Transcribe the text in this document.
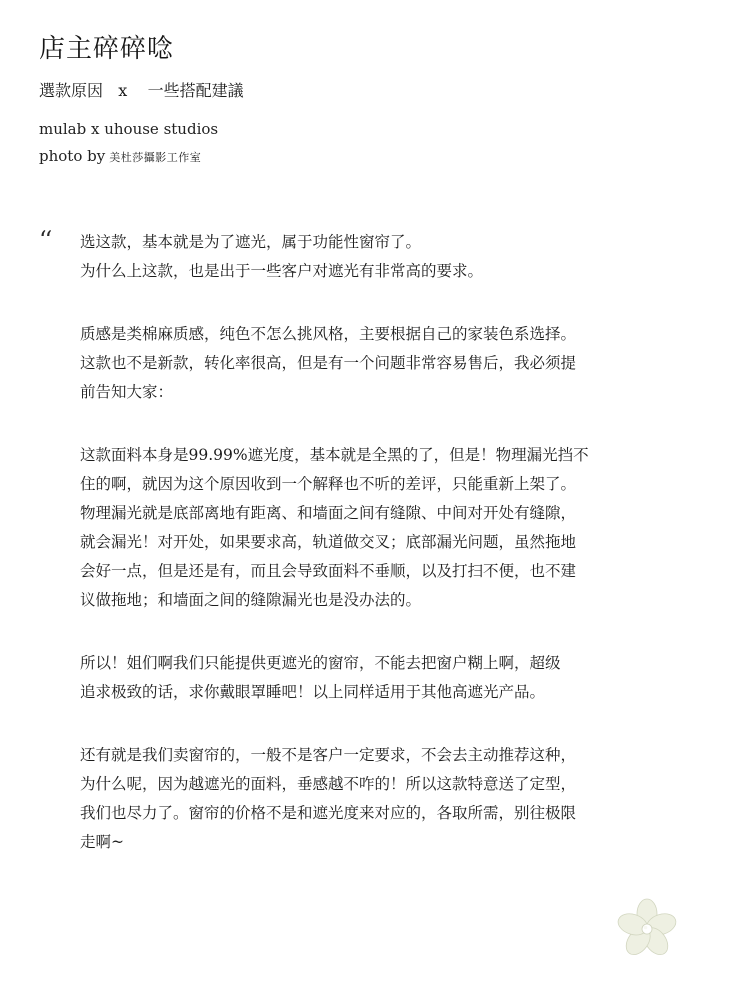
店主碎碎唸
選款原因   x    一些搭配建議
mulab x uhouse studios
photo by 美杜莎攝影工作室
‘‘ 选这款，基本就是为了遮光，属于功能性窗帘了。
为什么上这款，也是出于一些客户对遮光有非常高的要求。
质感是类棉麻质感，纯色不怎么挑风格，主要根据自己的家装色系选择。
这款也不是新款，转化率很高，但是有一个问题非常容易售后，我必须提
前告知大家：
这款面料本身是99.99%遮光度，基本就是全黑的了，但是！物理漏光挡不
住的啊，就因为这个原因收到一个解释也不听的差评，只能重新上架了。
物理漏光就是底部离地有距离、和墙面之间有缝隙、中间对开处有缝隙，
就会漏光！对开处，如果要求高，轨道做交叉；底部漏光问题，虽然拖地
会好一点，但是还是有，而且会导致面料不垂顺，以及打扫不便，也不建
议做拖地；和墙面之间的缝隙漏光也是没办法的。
所以！姐们啊我们只能提供更遮光的窗帘，不能去把窗户糊上啊，超级
追求极致的话，求你戴眼罩睡吧！以上同样适用于其他高遮光产品。
还有就是我们卖窗帘的，一般不是客户一定要求，不会去主动推荐这种，
为什么呢，因为越遮光的面料，垂感越不咋的！所以这款特意送了定型，
我们也尽力了。窗帘的价格不是和遮光度来对应的，各取所需，别往极限
走啊~
